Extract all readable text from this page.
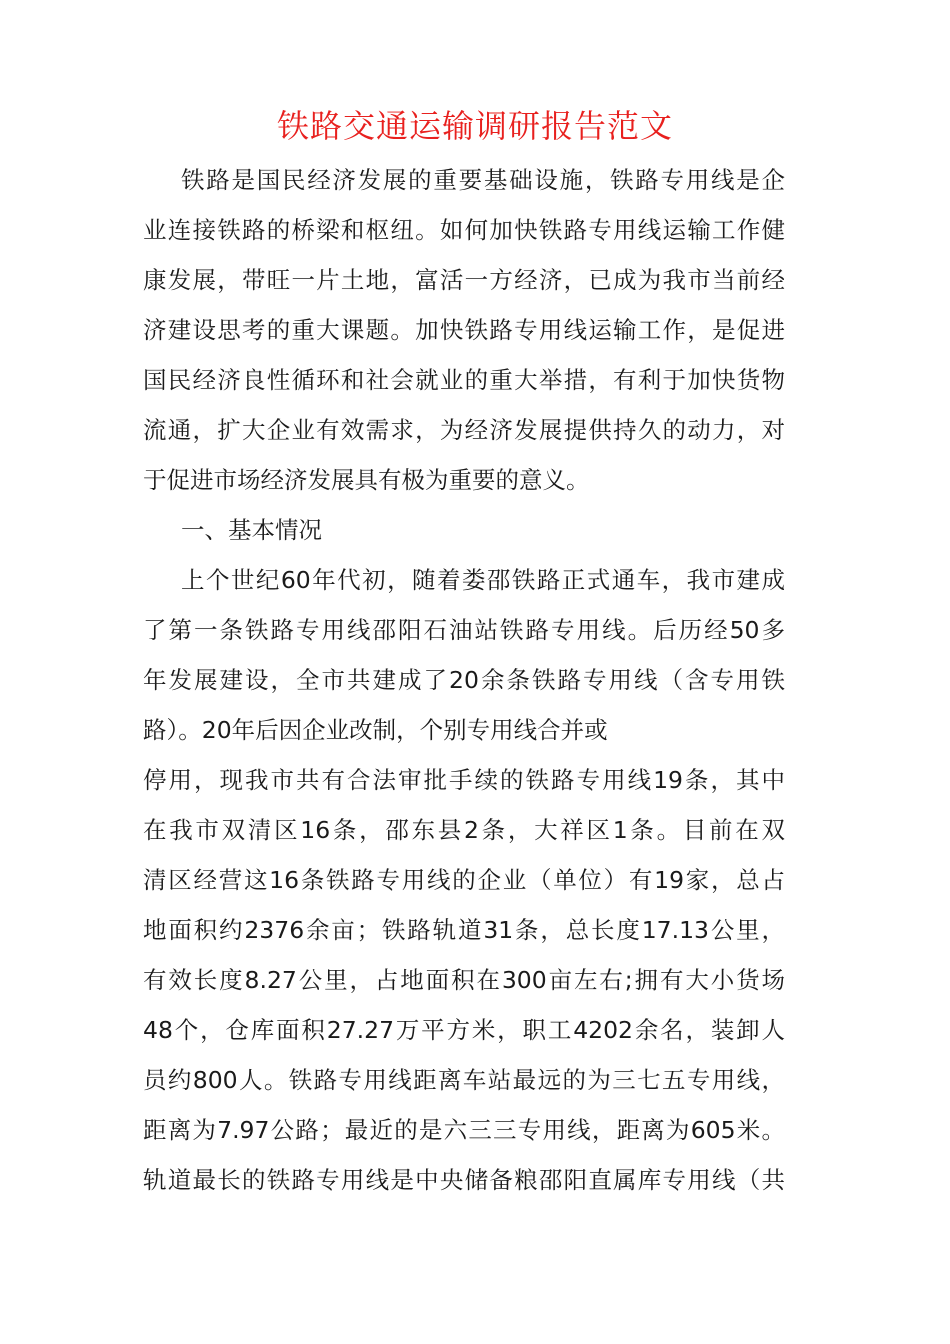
铁路交通运输调研报告范文
铁路是国民经济发展的重要基础设施，铁路专用线是企
业连接铁路的桥梁和枢纽。如何加快铁路专用线运输工作健
康发展，带旺一片土地，富活一方经济，已成为我市当前经
济建设思考的重大课题。加快铁路专用线运输工作，是促进
国民经济良性循环和社会就业的重大举措，有利于加快货物
流通，扩大企业有效需求，为经济发展提供持久的动力，对
于促进市场经济发展具有极为重要的意义。
一、基本情况
上个世纪60年代初，随着娄邵铁路正式通车，我市建成
了第一条铁路专用线邵阳石油站铁路专用线。后历经50多
年发展建设，全市共建成了20余条铁路专用线（含专用铁
路）。20年后因企业改制，个别专用线合并或
停用，现我市共有合法审批手续的铁路专用线19条，其中
在我市双清区16条，邵东县2条，大祥区1条。目前在双
清区经营这16条铁路专用线的企业（单位）有19家，总占
地面积约2376余亩；铁路轨道31条，总长度17.13公里，
有效长度8.27公里，占地面积在300亩左右;拥有大小货场
48个，仓库面积27.27万平方米，职工4202余名，装卸人
员约800人。铁路专用线距离车站最远的为三七五专用线，
距离为7.97公路；最近的是六三三专用线，距离为605米。
轨道最长的铁路专用线是中央储备粮邵阳直属库专用线（共
